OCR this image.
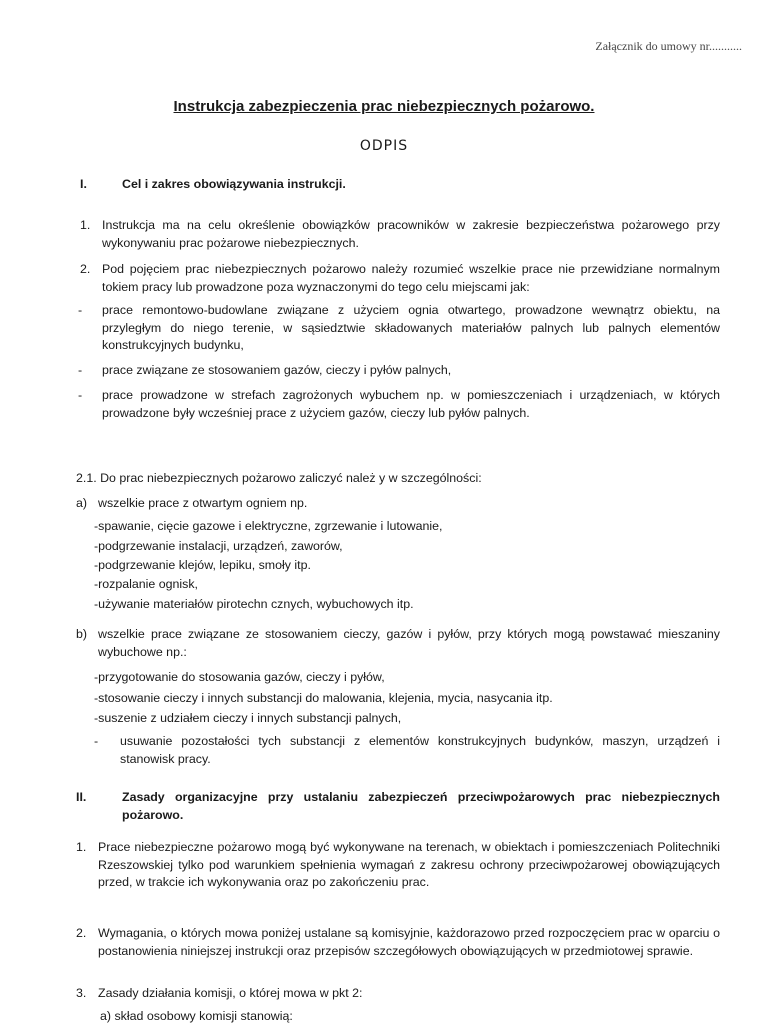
Załącznik do umowy nr...........
Instrukcja zabezpieczenia prac niebezpiecznych pożarowo.
ODPIS
I.	Cel i zakres obowiązywania instrukcji.
1. Instrukcja ma na celu określenie obowiązków pracowników w zakresie bezpieczeństwa pożarowego przy wykonywaniu prac pożarowe niebezpiecznych.
2. Pod pojęciem prac niebezpiecznych pożarowo należy rozumieć wszelkie prace nie przewidziane normalnym tokiem pracy lub prowadzone poza wyznaczonymi do tego celu miejscami jak:
-	prace remontowo-budowlane związane z użyciem ognia otwartego, prowadzone wewnątrz obiektu, na przyległym do niego terenie, w sąsiedztwie składowanych materiałów palnych lub palnych elementów konstrukcyjnych budynku,
-	prace związane ze stosowaniem gazów, cieczy i pyłów palnych,
-	prace prowadzone w strefach zagrożonych wybuchem np. w pomieszczeniach i urządzeniach, w których prowadzone były wcześniej prace z użyciem gazów, cieczy lub pyłów palnych.
2.1. Do prac niebezpiecznych pożarowo zaliczyć należ y w szczególności:
a) wszelkie prace z otwartym ogniem np.
-spawanie, cięcie gazowe i elektryczne, zgrzewanie i lutowanie,
-podgrzewanie instalacji, urządzeń, zaworów,
-podgrzewanie klejów, lepiku, smoły itp.
-rozpalanie ognisk,
-używanie materiałów pirotechn cznych, wybuchowych itp.
b) wszelkie prace związane ze stosowaniem cieczy, gazów i pyłów, przy których mogą powstawać mieszaniny wybuchowe np.:
-przygotowanie do stosowania gazów, cieczy i pyłów,
-stosowanie cieczy i innych substancji do malowania, klejenia, mycia, nasycania itp.
-suszenie z udziałem cieczy i innych substancji palnych,
-	usuwanie pozostałości tych substancji z elementów konstrukcyjnych budynków, maszyn, urządzeń i stanowisk pracy.
II.	Zasady organizacyjne przy ustalaniu zabezpieczeń przeciwpożarowych prac niebezpiecznych pożarowo.
1. Prace niebezpieczne pożarowo mogą być wykonywane na terenach, w obiektach i pomieszczeniach Politechniki Rzeszowskiej tylko pod warunkiem spełnienia wymagań z zakresu ochrony przeciwpożarowej obowiązujących przed, w trakcie ich wykonywania oraz po zakończeniu prac.
2. Wymagania, o których mowa poniżej ustalane są komisyjnie, każdorazowo przed rozpoczęciem prac w oparciu o postanowienia niniejszej instrukcji oraz przepisów szczegółowych obowiązujących w przedmiotowej sprawie.
3. Zasady działania komisji, o której mowa w pkt 2:
a) skład osobowy komisji stanowią:
